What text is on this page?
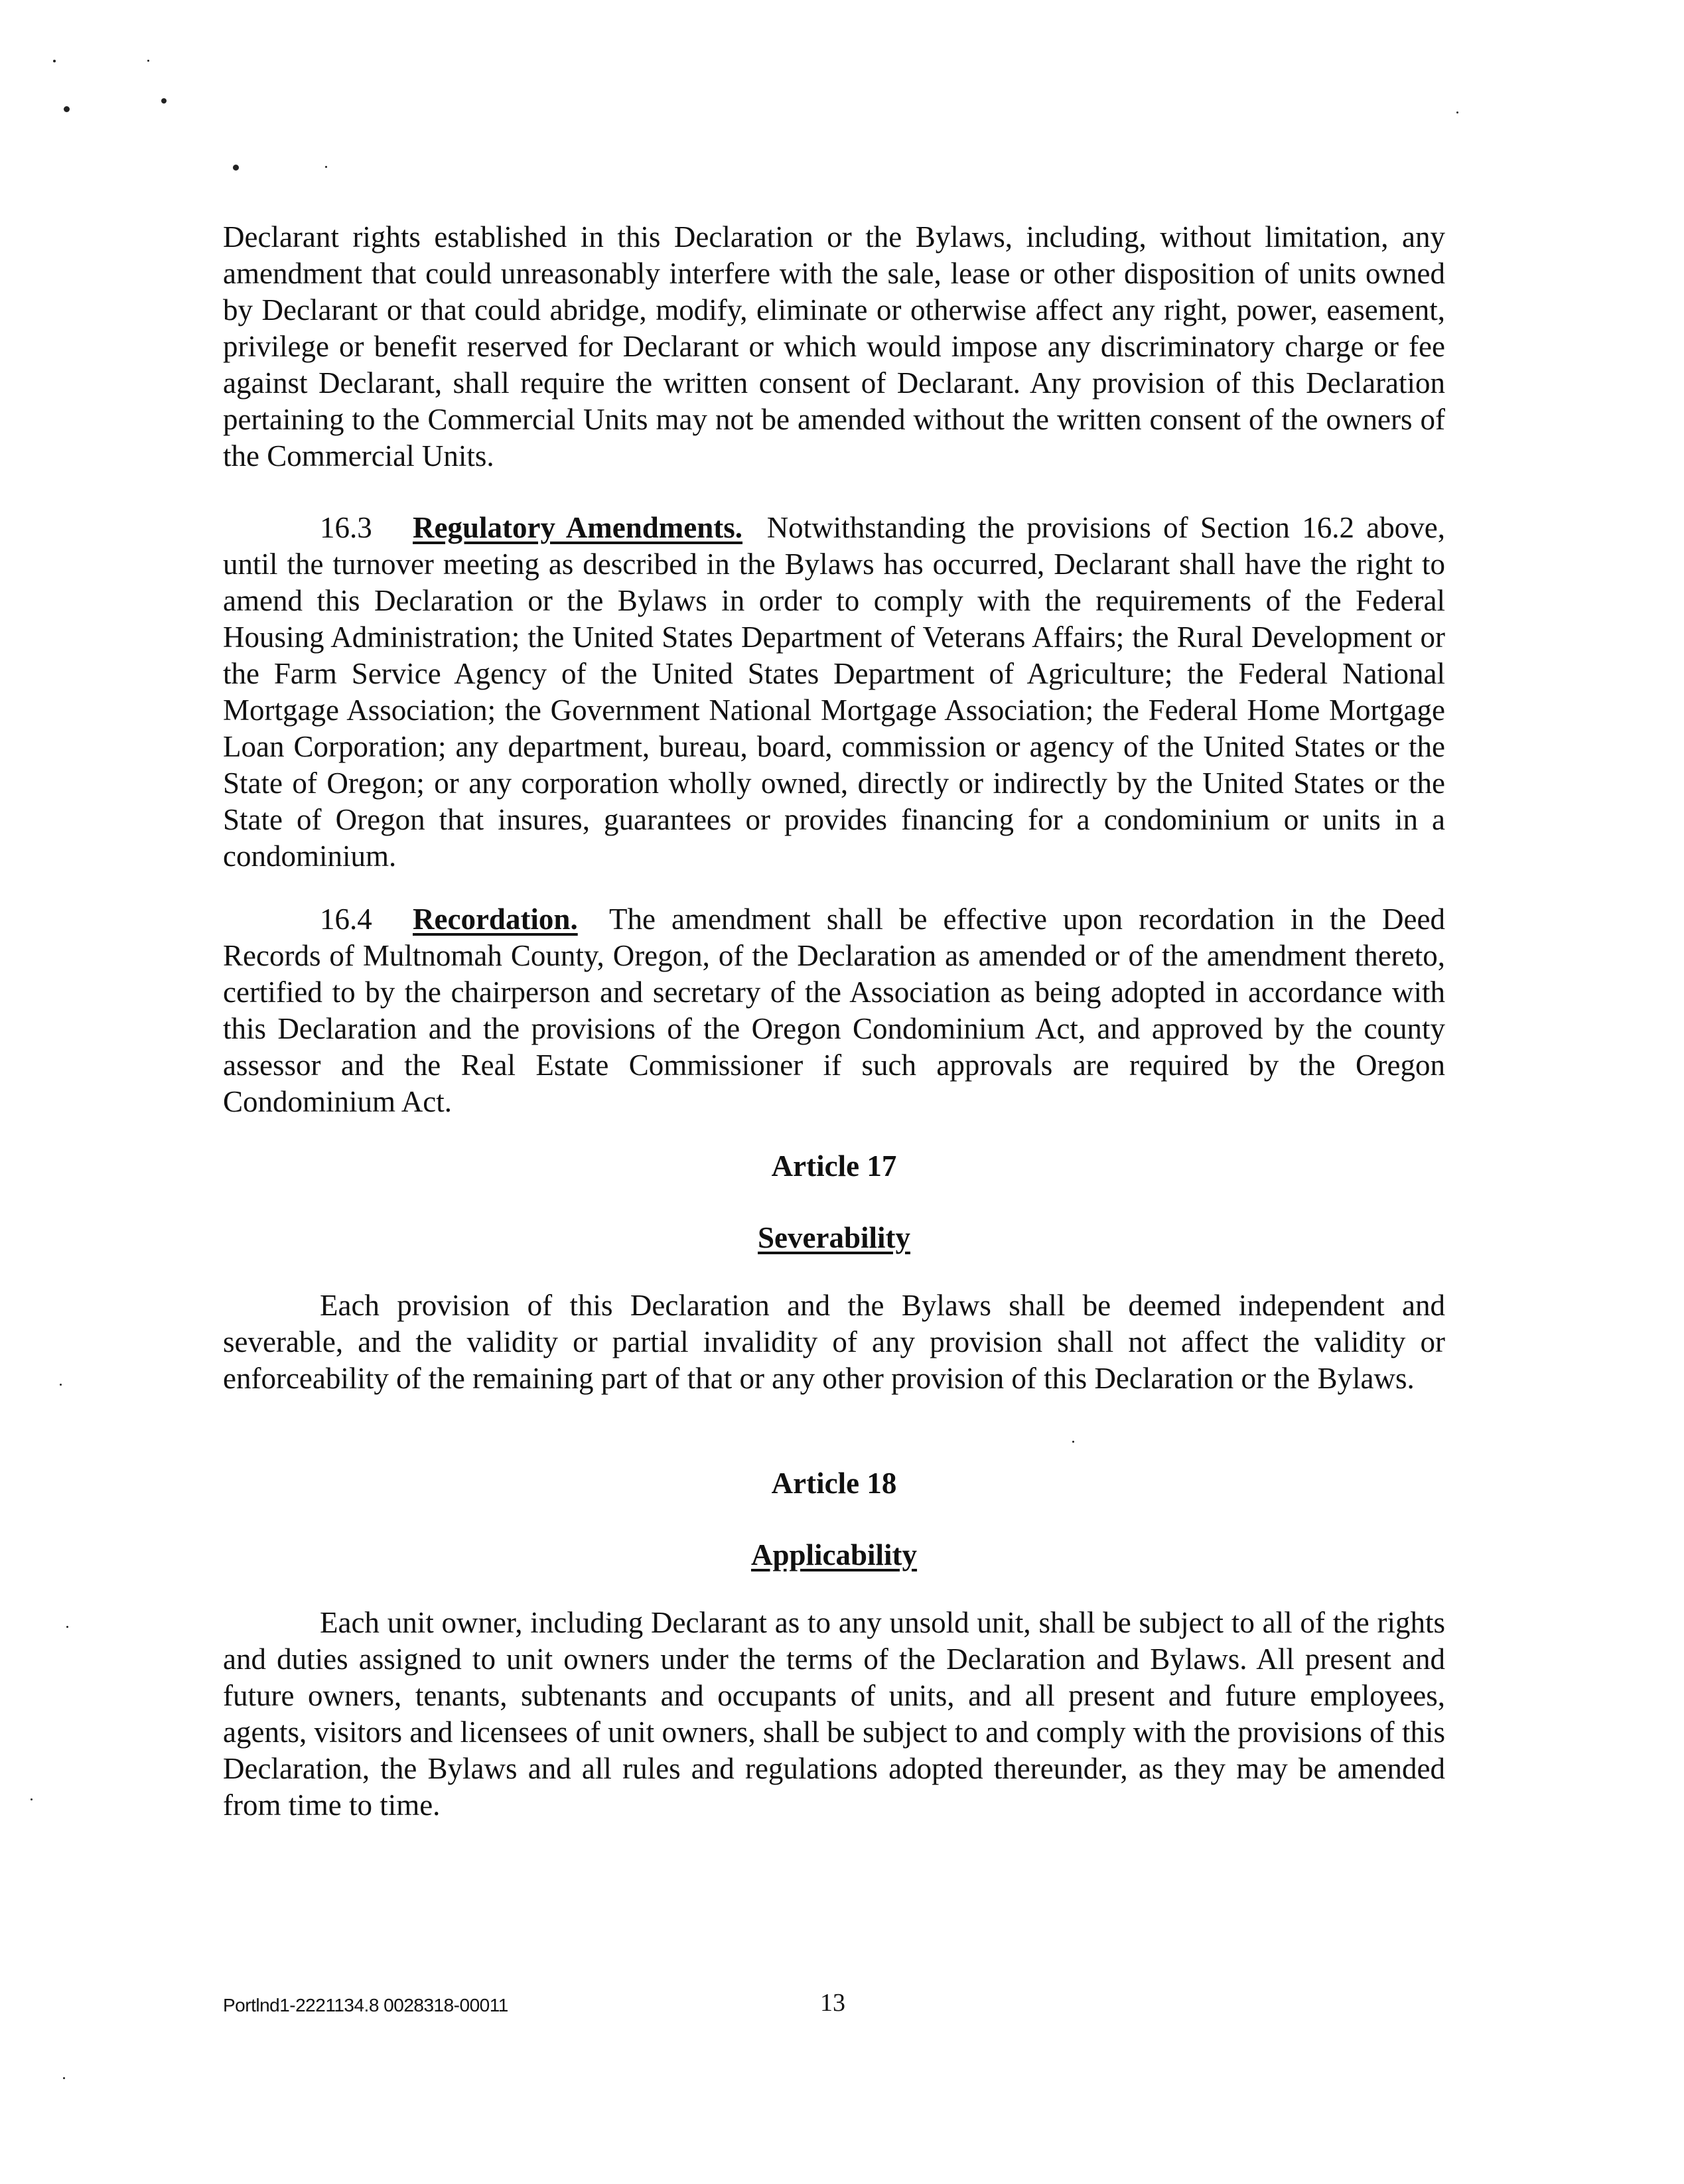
Declarant rights established in this Declaration or the Bylaws, including, without limitation, any amendment that could unreasonably interfere with the sale, lease or other disposition of units owned by Declarant or that could abridge, modify, eliminate or otherwise affect any right, power, easement, privilege or benefit reserved for Declarant or which would impose any discriminatory charge or fee against Declarant, shall require the written consent of Declarant. Any provision of this Declaration pertaining to the Commercial Units may not be amended without the written consent of the owners of the Commercial Units.

16.3 Regulatory Amendments. Notwithstanding the provisions of Section 16.2 above, until the turnover meeting as described in the Bylaws has occurred, Declarant shall have the right to amend this Declaration or the Bylaws in order to comply with the requirements of the Federal Housing Administration; the United States Department of Veterans Affairs; the Rural Development or the Farm Service Agency of the United States Department of Agriculture; the Federal National Mortgage Association; the Government National Mortgage Association; the Federal Home Mortgage Loan Corporation; any department, bureau, board, commission or agency of the United States or the State of Oregon; or any corporation wholly owned, directly or indirectly by the United States or the State of Oregon that insures, guarantees or provides financing for a condominium or units in a condominium.

16.4 Recordation. The amendment shall be effective upon recordation in the Deed Records of Multnomah County, Oregon, of the Declaration as amended or of the amendment thereto, certified to by the chairperson and secretary of the Association as being adopted in accordance with this Declaration and the provisions of the Oregon Condominium Act, and approved by the county assessor and the Real Estate Commissioner if such approvals are required by the Oregon Condominium Act.

Article 17
Severability

Each provision of this Declaration and the Bylaws shall be deemed independent and severable, and the validity or partial invalidity of any provision shall not affect the validity or enforceability of the remaining part of that or any other provision of this Declaration or the Bylaws.

Article 18
Applicability

Each unit owner, including Declarant as to any unsold unit, shall be subject to all of the rights and duties assigned to unit owners under the terms of the Declaration and Bylaws. All present and future owners, tenants, subtenants and occupants of units, and all present and future employees, agents, visitors and licensees of unit owners, shall be subject to and comply with the provisions of this Declaration, the Bylaws and all rules and regulations adopted thereunder, as they may be amended from time to time.

Portlnd1-2221134.8 0028318-00011	13
